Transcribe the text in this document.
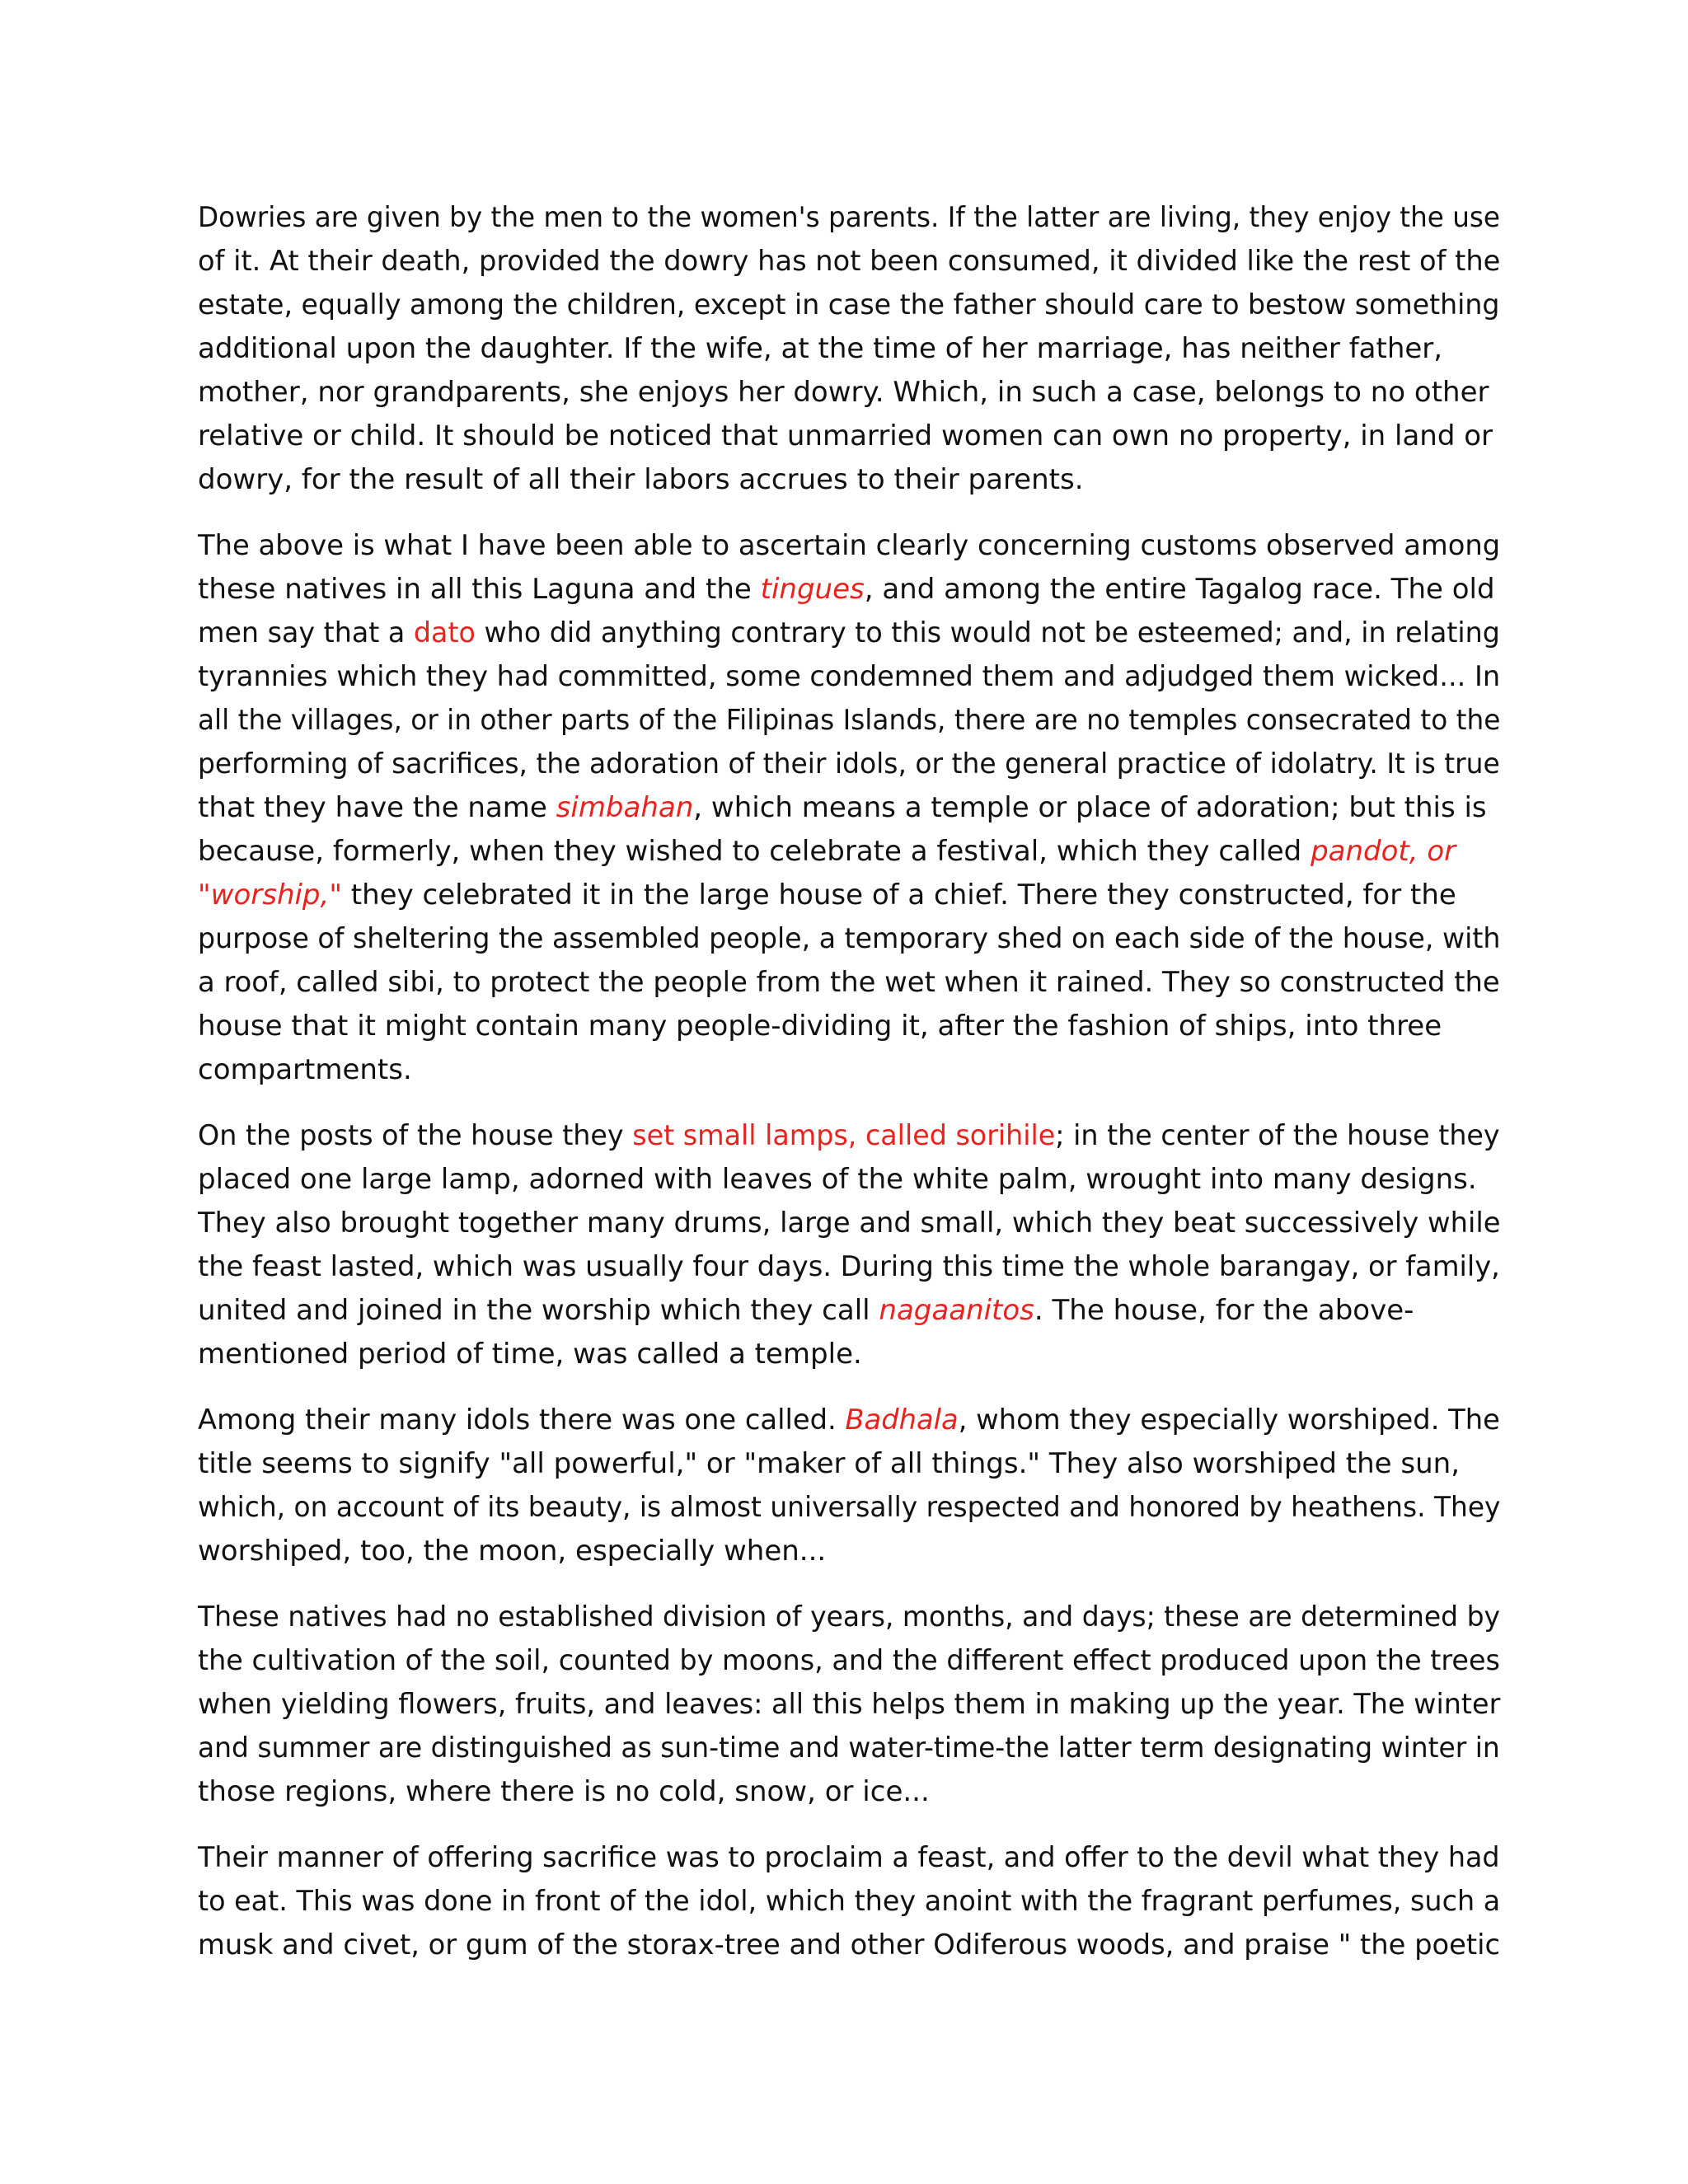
Dowries are given by the men to the women's parents. If the latter are living, they enjoy the use
of it. At their death, provided the dowry has not been consumed, it divided like the rest of the
estate, equally among the children, except in case the father should care to bestow something
additional upon the daughter. If the wife, at the time of her marriage, has neither father,
mother, nor grandparents, she enjoys her dowry. Which, in such a case, belongs to no other
relative or child. It should be noticed that unmarried women can own no property, in land or
dowry, for the result of all their labors accrues to their parents.

The above is what I have been able to ascertain clearly concerning customs observed among
these natives in all this Laguna and the tingues, and among the entire Tagalog race. The old
men say that a dato who did anything contrary to this would not be esteemed; and, in relating
tyrannies which they had committed, some condemned them and adjudged them wicked... In
all the villages, or in other parts of the Filipinas Islands, there are no temples consecrated to the
performing of sacrifices, the adoration of their idols, or the general practice of idolatry. It is true
that they have the name simbahan, which means a temple or place of adoration; but this is
because, formerly, when they wished to celebrate a festival, which they called pandot, or
"worship," they celebrated it in the large house of a chief. There they constructed, for the
purpose of sheltering the assembled people, a temporary shed on each side of the house, with
a roof, called sibi, to protect the people from the wet when it rained. They so constructed the
house that it might contain many people-dividing it, after the fashion of ships, into three
compartments.

On the posts of the house they set small lamps, called sorihile; in the center of the house they
placed one large lamp, adorned with leaves of the white palm, wrought into many designs.
They also brought together many drums, large and small, which they beat successively while
the feast lasted, which was usually four days. During this time the whole barangay, or family,
united and joined in the worship which they call nagaanitos. The house, for the above-
mentioned period of time, was called a temple.

Among their many idols there was one called. Badhala, whom they especially worshiped. The
title seems to signify "all powerful," or "maker of all things." They also worshiped the sun,
which, on account of its beauty, is almost universally respected and honored by heathens. They
worshiped, too, the moon, especially when...

These natives had no established division of years, months, and days; these are determined by
the cultivation of the soil, counted by moons, and the different effect produced upon the trees
when yielding flowers, fruits, and leaves: all this helps them in making up the year. The winter
and summer are distinguished as sun-time and water-time-the latter term designating winter in
those regions, where there is no cold, snow, or ice...

Their manner of offering sacrifice was to proclaim a feast, and offer to the devil what they had
to eat. This was done in front of the idol, which they anoint with the fragrant perfumes, such a
musk and civet, or gum of the storax-tree and other Odiferous woods, and praise " the poetic
